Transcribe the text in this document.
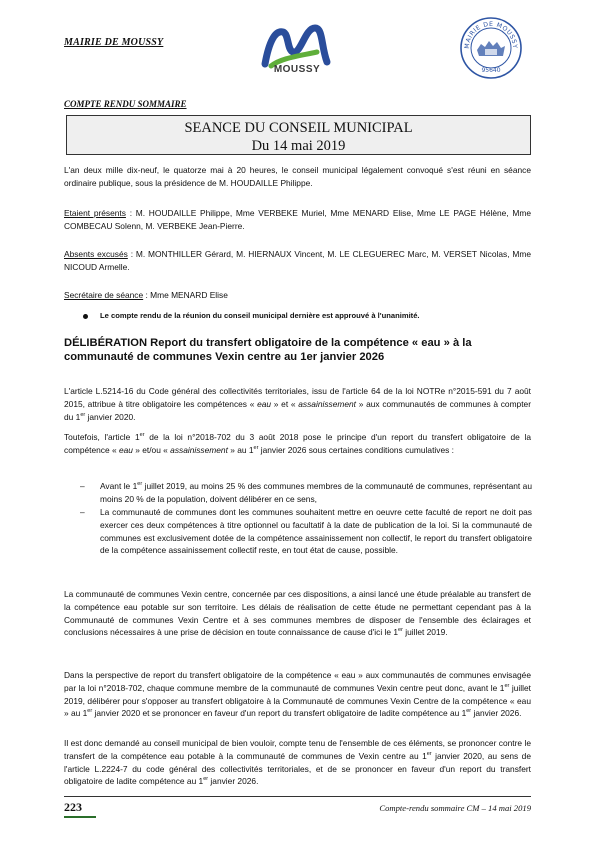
MAIRIE DE MOUSSY
MOUSSY
MAIRIE DE MOUSSY
95640
COMPTE RENDU SOMMAIRE
SEANCE DU CONSEIL MUNICIPAL
Du 14 mai 2019
L'an deux mille dix-neuf, le quatorze mai à 20 heures, le conseil municipal légalement convoqué s'est réuni en séance ordinaire publique, sous la présidence de M. HOUDAILLE Philippe.
Etaient présents : M. HOUDAILLE Philippe, Mme VERBEKE Muriel, Mme MENARD Elise, Mme LE PAGE Hélène, Mme COMBECAU Solenn, M. VERBEKE Jean-Pierre.
Absents excusés : M. MONTHILLER Gérard, M. HIERNAUX Vincent, M. LE CLEGUEREC Marc, M. VERSET Nicolas, Mme NICOUD Armelle.
Secrétaire de séance : Mme MENARD Elise
Le compte rendu de la réunion du conseil municipal dernière est approuvé à l'unanimité.
DÉLIBÉRATION Report du transfert obligatoire de la compétence « eau » à la communauté de communes Vexin centre au 1er janvier 2026
L'article L.5214-16 du Code général des collectivités territoriales, issu de l'article 64 de la loi NOTRe n°2015-591 du 7 août 2015, attribue à titre obligatoire les compétences « eau » et « assainissement » aux communautés de communes à compter du 1er janvier 2020.
Toutefois, l'article 1er de la loi n°2018-702 du 3 août 2018 pose le principe d'un report du transfert obligatoire de la compétence « eau » et/ou « assainissement » au 1er janvier 2026 sous certaines conditions cumulatives :
–	Avant le 1er juillet 2019, au moins 25 % des communes membres de la communauté de communes, représentant au moins 20 % de la population, doivent délibérer en ce sens,
–	La communauté de communes dont les communes souhaitent mettre en oeuvre cette faculté de report ne doit pas exercer ces deux compétences à titre optionnel ou facultatif à la date de publication de la loi. Si la communauté de communes est exclusivement dotée de la compétence assainissement non collectif, le report du transfert obligatoire de la compétence assainissement collectif reste, en tout état de cause, possible.
La communauté de communes Vexin centre, concernée par ces dispositions, a ainsi lancé une étude préalable au transfert de la compétence eau potable sur son territoire. Les délais de réalisation de cette étude ne permettant cependant pas à la Communauté de communes Vexin Centre et à ses communes membres de disposer de l'ensemble des éclairages et conclusions nécessaires à une prise de décision en toute connaissance de cause d'ici le 1er juillet 2019.
Dans la perspective de report du transfert obligatoire de la compétence « eau » aux communautés de communes envisagée par la loi n°2018-702, chaque commune membre de la communauté de communes Vexin centre peut donc, avant le 1er juillet 2019, délibérer pour s'opposer au transfert obligatoire à la Communauté de communes Vexin Centre de la compétence « eau » au 1er janvier 2020 et se prononcer en faveur d'un report du transfert obligatoire de ladite compétence au 1er janvier 2026.
Il est donc demandé au conseil municipal de bien vouloir, compte tenu de l'ensemble de ces éléments, se prononcer contre le transfert de la compétence eau potable à la communauté de communes de Vexin centre au 1er janvier 2020, au sens de l'article L.2224-7 du code général des collectivités territoriales, et de se prononcer en faveur d'un report du transfert obligatoire de ladite compétence au 1er janvier 2026.
223	Compte-rendu sommaire CM – 14 mai 2019
